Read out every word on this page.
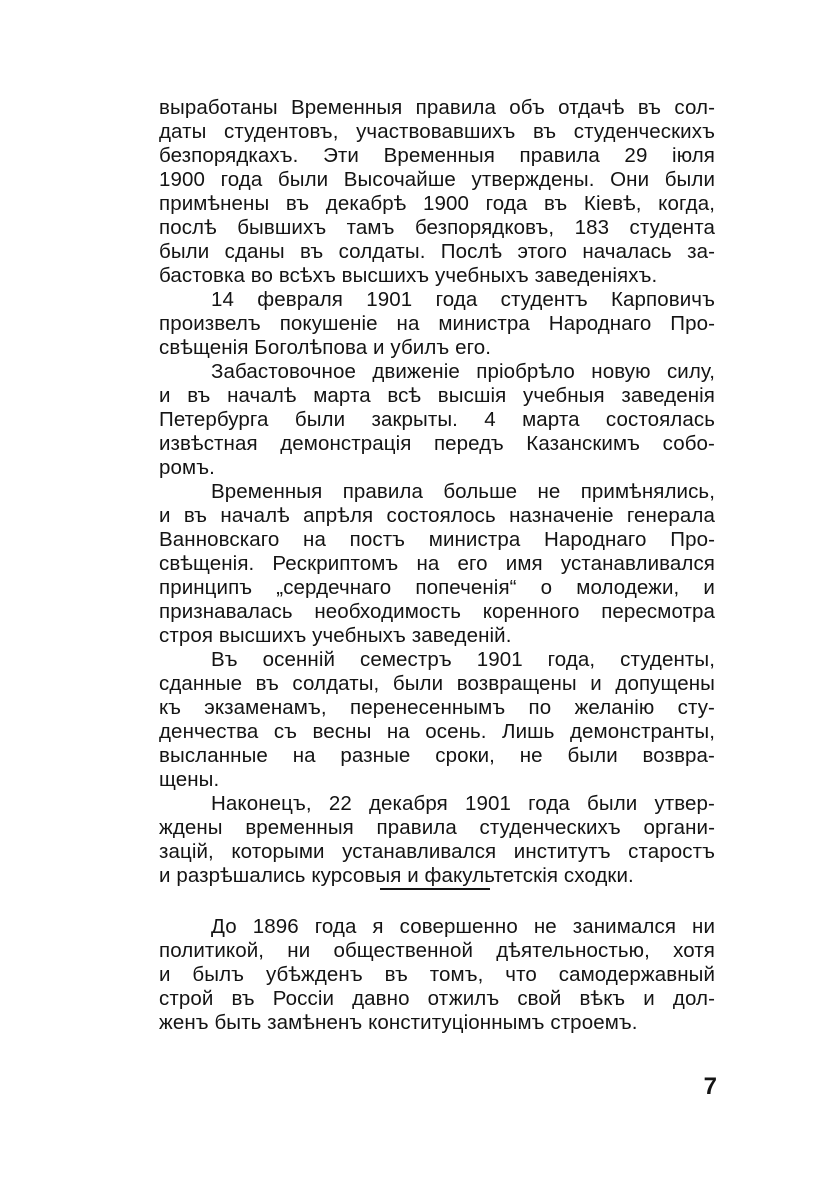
выработаны Временныя правила объ отдачѣ въ сол-
даты студентовъ, участвовавшихъ въ студенческихъ
безпорядкахъ. Эти Временныя правила 29 іюля
1900 года были Высочайше утверждены. Они были
примѣнены въ декабрѣ 1900 года въ Кіевѣ, когда,
послѣ бывшихъ тамъ безпорядковъ, 183 студента
были сданы въ солдаты. Послѣ этого началась за-
бастовка во всѣхъ высшихъ учебныхъ заведеніяхъ.
14 февраля 1901 года студентъ Карповичъ
произвелъ покушеніе на министра Народнаго Про-
свѣщенія Боголѣпова и убилъ его.
Забастовочное движеніе пріобрѣло новую силу,
и въ началѣ марта всѣ высшія учебныя заведенія
Петербурга были закрыты. 4 марта состоялась
извѣстная демонстрація передъ Казанскимъ собо-
ромъ.
Временныя правила больше не примѣнялись,
и въ началѣ апрѣля состоялось назначеніе генерала
Ванновскаго на постъ министра Народнаго Про-
свѣщенія. Рескриптомъ на его имя устанавливался
принципъ „сердечнаго попеченія“ о молодежи, и
признавалась необходимость коренного пересмотра
строя высшихъ учебныхъ заведеній.
Въ осенній семестръ 1901 года, студенты,
сданные въ солдаты, были возвращены и допущены
къ экзаменамъ, перенесеннымъ по желанію сту-
денчества съ весны на осень. Лишь демонстранты,
высланные на разные сроки, не были возвра-
щены.
Наконецъ, 22 декабря 1901 года были утвер-
ждены временныя правила студенческихъ органи-
зацій, которыми устанавливался институтъ старостъ
и разрѣшались курсовыя и факультетскія сходки.
До 1896 года я совершенно не занимался ни
политикой, ни общественной дѣятельностью, хотя
и былъ убѣжденъ въ томъ, что самодержавный
строй въ Россіи давно отжилъ свой вѣкъ и дол-
женъ быть замѣненъ конституціоннымъ строемъ.
7
